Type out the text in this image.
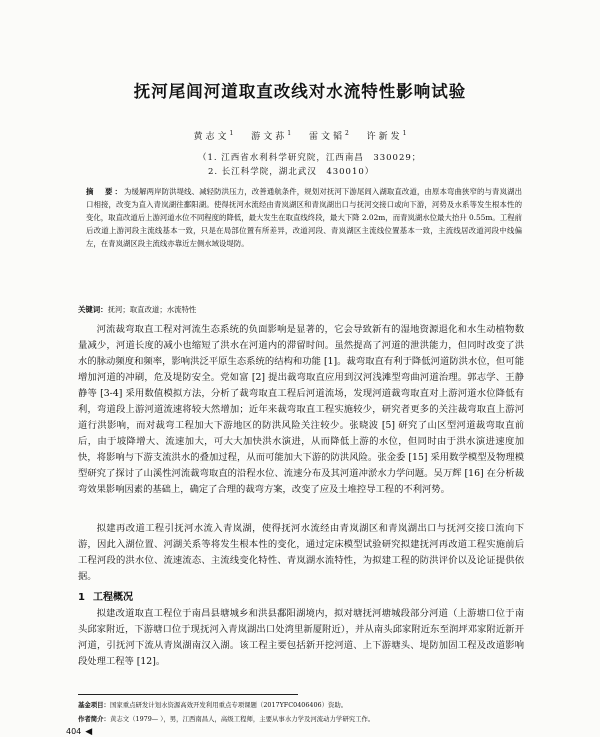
抚河尾闾河道取直改线对水流特性影响试验
黄志文$^1$ 游文荪$^1$ 雷文韬$^2$ 许新发$^1$
（1. 江西省水利科学研究院，江西南昌　330029；
2. 长江科学院，湖北武汉　430010）
摘　要：为缓解两岸防洪堤线、减轻防洪压力，改善通航条件，规划对抚河下游尾闾入湖取直改道，由原本弯曲狭窄的与青岚湖出口相接，改变为直入青岚湖往鄱阳湖。使得抚河水流经由青岚湖区和青岚湖出口与抚河交接口或向下游，河势及水系等发生根本性的变化，取直改道后上游河道水位不同程度的降低，最大发生在取直线终段，最大下降 2.02m，而青岚湖水位最大抬升 0.55m。工程前后改道上游河段主流线基本一致，只是在局部位置有所差异，改道河段、青岚湖区主流线位置基本一致，主流线居改道河段中线偏左，在青岚湖区段主流线亦靠近左侧水域设堤防。
关键词：抚河；取直改道；水流特性
河流裁弯取直工程对河流生态系统的负面影响是显著的，它会导致新有的湿地资源退化和水生动植物数量减少，河道长度的减小也缩短了洪水在河道内的滞留时间。虽然提高了河道的泄洪能力，但同时改变了洪水的脉动频度和频率，影响洪泛平原生态系统的结构和功能 [1]。裁弯取直有利于降低河道防洪水位，但可能增加河道的冲刷，危及堤防安全。党如富 [2] 提出裁弯取直应用到汉河浅滩型弯曲河道治理。郭志学、王静静等 [3-4] 采用数值模拟方法，分析了裁弯取直工程后河道流场，发现河道裁弯取直对上游河道水位降低有利，弯道段上游河道流速将较大然增加；近年来裁弯取直工程实施较少，研究者更多的关注裁弯取直上游河道行洪影响，而对裁弯工程加大下游地区的防洪风险关注较少。张晓波 [5] 研究了山区型河道裁弯取直前后，由于坡降增大、流速加大，可大大加快洪水演进，从而降低上游的水位，但同时由于洪水演进速度加快，将影响与下游支流洪水的叠加过程，从而可能加大下游的防洪风险。张金委 [15] 采用数学模型及物理模型研究了探讨了山溪性河流裁弯取直的沿程水位、流速分布及其河道冲淤水力学问题。吴万辉 [16] 在分析裁弯效果影响因素的基础上，确定了合理的裁弯方案，改变了应及土堆控导工程的不利河势。
拟建再改道工程引抚河水流入青岚湖，使得抚河水流经由青岚湖区和青岚湖出口与抚河交接口流向下游，因此入湖位置、河湖关系等将发生根本性的变化，通过定床模型试验研究拟建抚河再改道工程实施前后工程河段的洪水位、流速流态、主流线变化特性、青岚湖水流特性，为拟建工程的防洪评价以及论证提供依据。
1 工程概况
拟建改道取直工程位于南昌县塘城乡和洪县鄱阳湖境内，拟对塘抚河塘城段部分河道（上游塘口位于南头邱家附近，下游塘口位于现抚河入青岚湖出口处湾里新厦附近），并从南头邱家附近东至润坪邓家附近新开河道，引抚河下流从青岚湖南汉入湖。该工程主要包括新开挖河道、上下游塘头、堤防加固工程及改道影响段处理工程等 [12]。
基金项目：国家重点研发计划水资源高效开发利用重点专项课题（2017YFC0406406）资助。
作者简介：黄志文（1979— ），男，江西南昌人，高级工程师，主要从事水力学及河流动力学研究工作。
404 ◀
